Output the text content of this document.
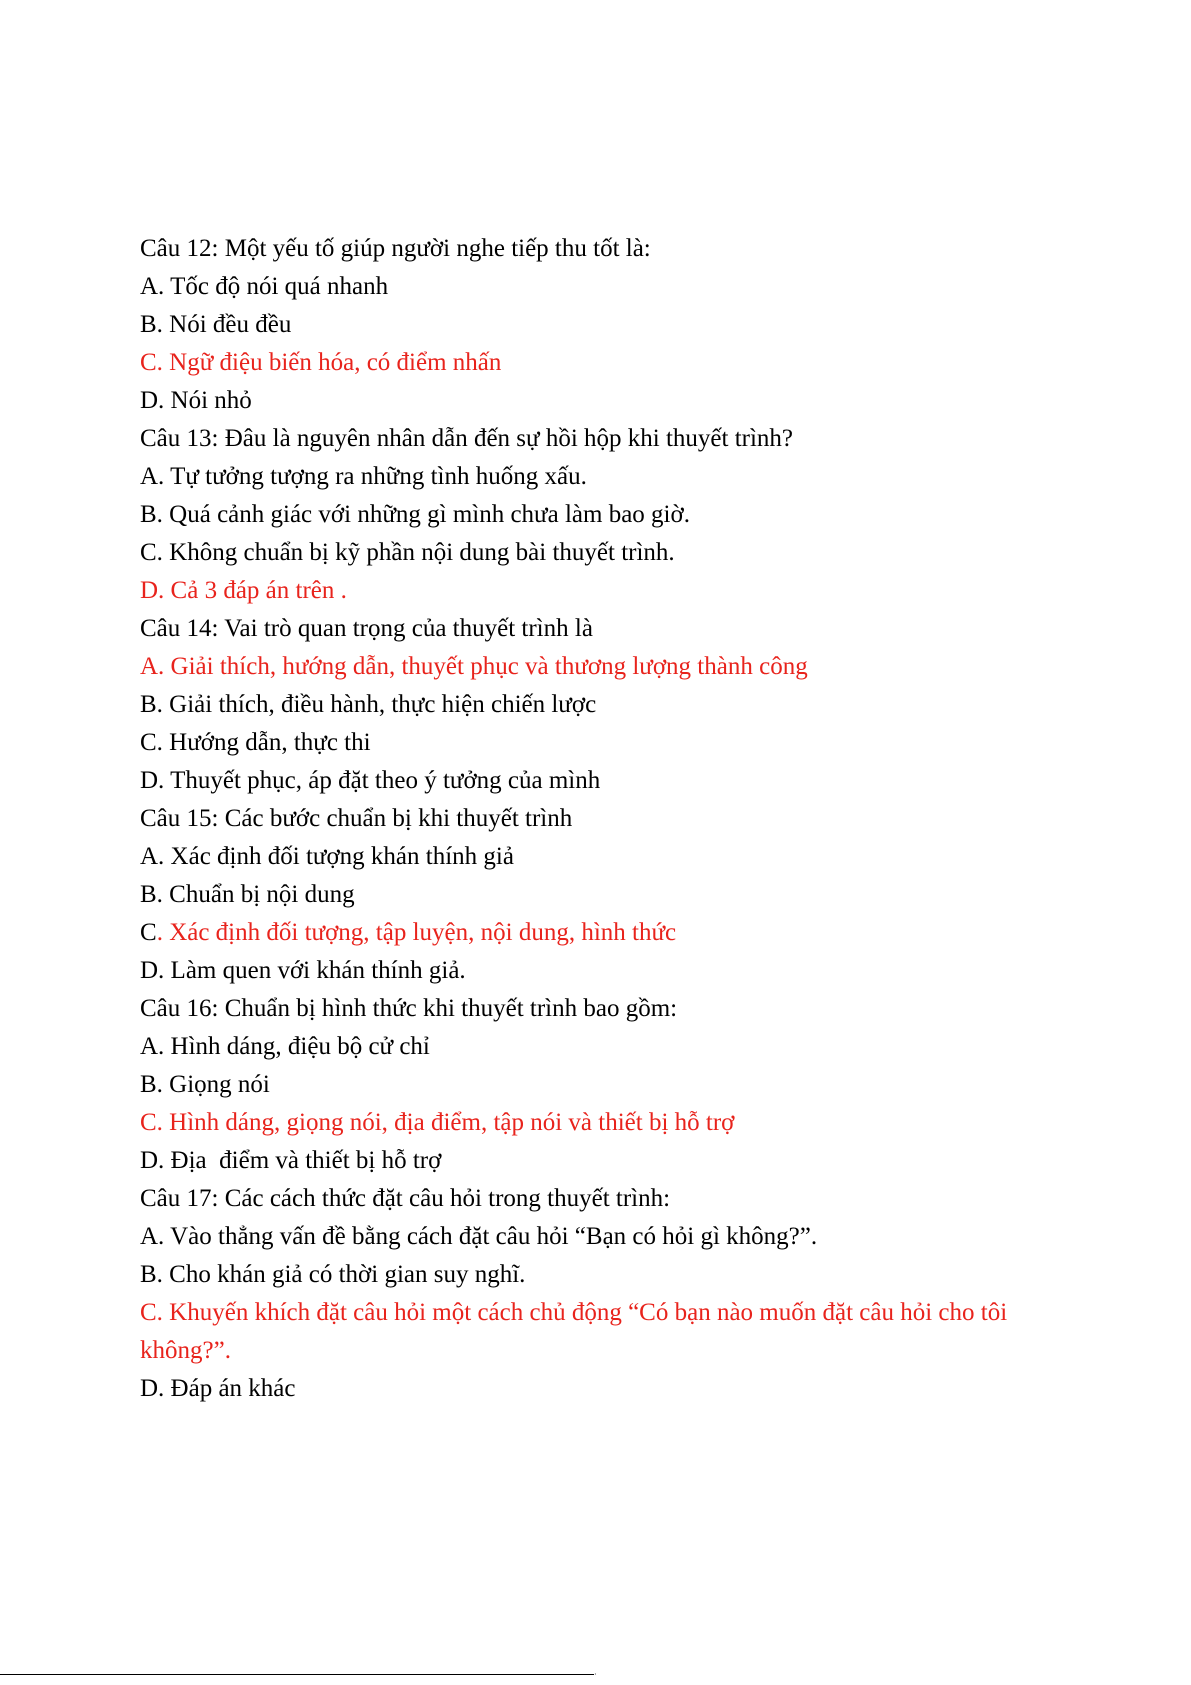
Câu 12: Một yếu tố giúp người nghe tiếp thu tốt là:

A. Tốc độ nói quá nhanh

B. Nói đều đều

C. Ngữ điệu biến hóa, có điểm nhấn

D. Nói nhỏ

Câu 13: Đâu là nguyên nhân dẫn đến sự hồi hộp khi thuyết trình?

A. Tự tưởng tượng ra những tình huống xấu.

B. Quá cảnh giác với những gì mình chưa làm bao giờ.

C. Không chuẩn bị kỹ phần nội dung bài thuyết trình.

D. Cả 3 đáp án trên .

Câu 14: Vai trò quan trọng của thuyết trình là

A. Giải thích, hướng dẫn, thuyết phục và thương lượng thành công

B. Giải thích, điều hành, thực hiện chiến lược

C. Hướng dẫn, thực thi

D. Thuyết phục, áp đặt theo ý tưởng của mình

Câu 15: Các bước chuẩn bị khi thuyết trình

A. Xác định đối tượng khán thính giả

B. Chuẩn bị nội dung

C. Xác định đối tượng, tập luyện, nội dung, hình thức

D. Làm quen với khán thính giả.

Câu 16: Chuẩn bị hình thức khi thuyết trình bao gồm:

A. Hình dáng, điệu bộ cử chỉ

B. Giọng nói

C. Hình dáng, giọng nói, địa điểm, tập nói và thiết bị hỗ trợ

D. Địa  điểm và thiết bị hỗ trợ

Câu 17: Các cách thức đặt câu hỏi trong thuyết trình:

A. Vào thẳng vấn đề bằng cách đặt câu hỏi “Bạn có hỏi gì không?”.

B. Cho khán giả có thời gian suy nghĩ.

C. Khuyến khích đặt câu hỏi một cách chủ động “Có bạn nào muốn đặt câu hỏi cho tôi không?”.

D. Đáp án khác

·
